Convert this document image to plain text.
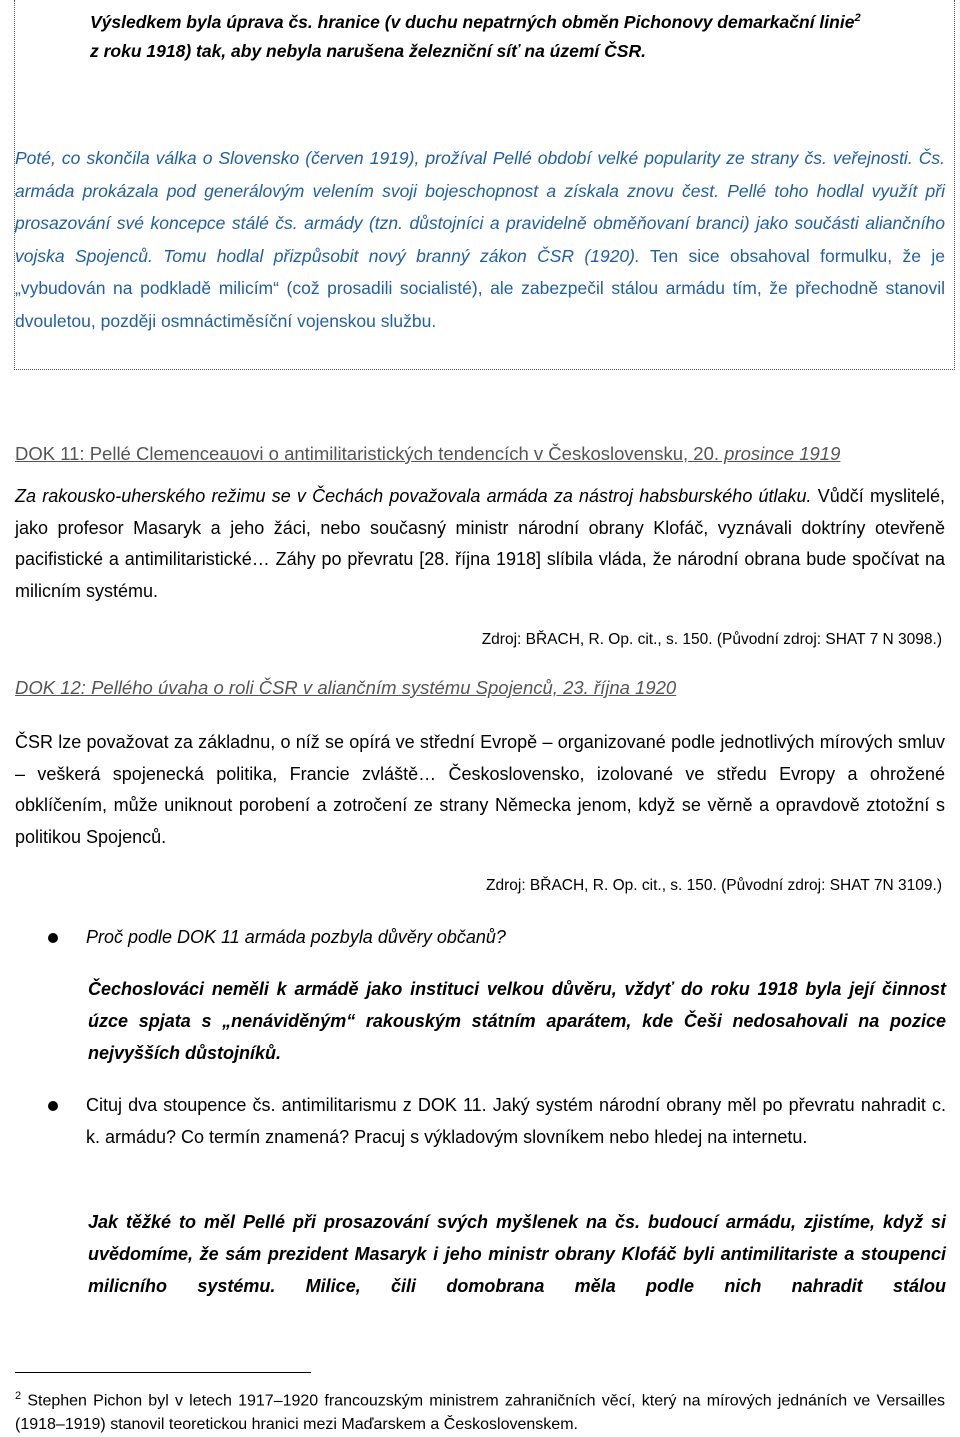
Výsledkem byla úprava čs. hranice (v duchu nepatrných obměn Pichonovy demarkační linie$^2$
z roku 1918) tak, aby nebyla narušena železniční síť na území ČSR.
Poté, co skončila válka o Slovensko (červen 1919), prožíval Pellé období velké popularity ze strany čs. veřejnosti. Čs. armáda prokázala pod generálovým velením svoji bojeschopnost a získala znovu čest. Pellé toho hodlal využít při prosazování své koncepce stálé čs. armády (tzn. důstojníci a pravidelně obměňovaní branci) jako součásti aliančního vojska Spojenců. Tomu hodlal přizpůsobit nový branný zákon ČSR (1920). Ten sice obsahoval formulku, že je „vybudován na podkladě milicím“ (což prosadili socialisté), ale zabezpečil stálou armádu tím, že přechodně stanovil dvouletou, později osmnáctiměsíční vojenskou službu.
DOK 11: Pellé Clemenceauovi o antimilitaristických tendencích v Československu, 20. prosince 1919
Za rakousko-uherského režimu se v Čechách považovala armáda za nástroj habsburského útlaku. Vůdčí myslitelé, jako profesor Masaryk a jeho žáci, nebo současný ministr národní obrany Klofáč, vyznávali doktríny otevřeně pacifistické a antimilitaristické… Záhy po převratu [28. října 1918] slíbila vláda, že národní obrana bude spočívat na milicním systému.
Zdroj: BŘACH, R. Op. cit., s. 150. (Původní zdroj: SHAT 7 N 3098.)
DOK 12: Pellého úvaha o roli ČSR v aliančním systému Spojenců, 23. října 1920
ČSR lze považovat za základnu, o níž se opírá ve střední Evropě – organizované podle jednotlivých mírových smluv – veškerá spojenecká politika, Francie zvláště… Československo, izolované ve středu Evropy a ohrožené obklíčením, může uniknout porobení a zotročení ze strany Německa jenom, když se věrně a opravdově ztotožní s politikou Spojenců.
Zdroj: BŘACH, R. Op. cit., s. 150. (Původní zdroj: SHAT 7N 3109.)
Proč podle DOK 11 armáda pozbyla důvěry občanů?
Čechoslováci neměli k armádě jako instituci velkou důvěru, vždyť do roku 1918 byla její činnost úzce spjata s „nenáviděným“ rakouským státním aparátem, kde Češi nedosahovali na pozice nejvyšších důstojníků.
Cituj dva stoupence čs. antimilitarismu z DOK 11. Jaký systém národní obrany měl po převratu nahradit c. k. armádu? Co termín znamená? Pracuj s výkladovým slovníkem nebo hledej na internetu.
Jak těžké to měl Pellé při prosazování svých myšlenek na čs. budoucí armádu, zjistíme, když si uvědomíme, že sám prezident Masaryk i jeho ministr obrany Klofáč byli antimilitariste a stoupenci milicního systému. Milice, čili domobrana měla podle nich nahradit stálou
$^2$ Stephen Pichon byl v letech 1917–1920 francouzským ministrem zahraničních věcí, který na mírových jednáních ve Versailles (1918–1919) stanovil teoretickou hranici mezi Maďarskem a Československem.
